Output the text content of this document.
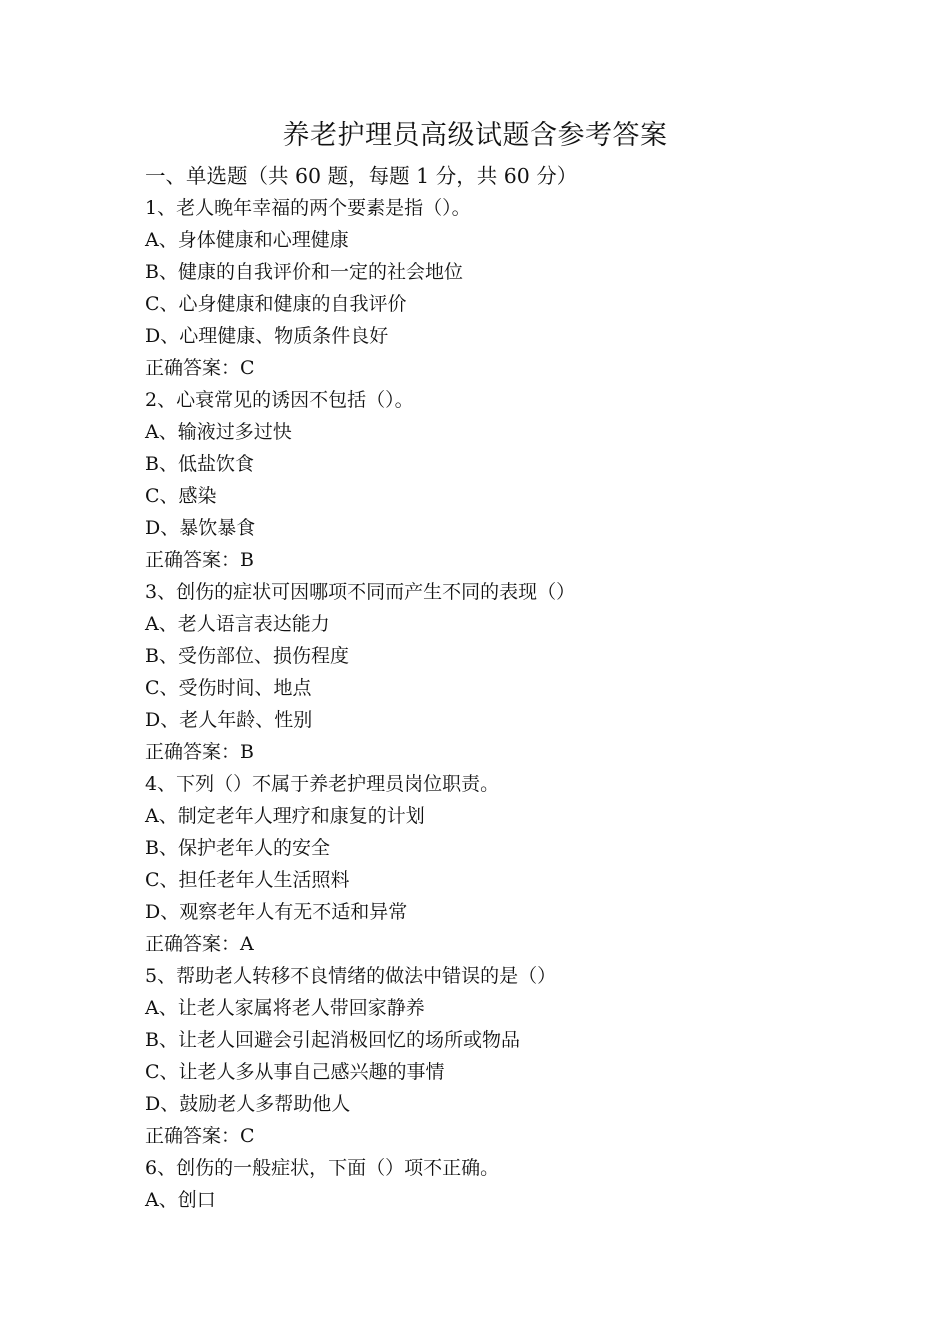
养老护理员高级试题含参考答案
一、单选题（共 60 题，每题 1 分，共 60 分）
1、老人晚年幸福的两个要素是指（）。
A、身体健康和心理健康
B、健康的自我评价和一定的社会地位
C、心身健康和健康的自我评价
D、心理健康、物质条件良好
正确答案：C
2、心衰常见的诱因不包括（）。
A、输液过多过快
B、低盐饮食
C、感染
D、暴饮暴食
正确答案：B
3、创伤的症状可因哪项不同而产生不同的表现（）
A、老人语言表达能力
B、受伤部位、损伤程度
C、受伤时间、地点
D、老人年龄、性别
正确答案：B
4、下列（）不属于养老护理员岗位职责。
A、制定老年人理疗和康复的计划
B、保护老年人的安全
C、担任老年人生活照料
D、观察老年人有无不适和异常
正确答案：A
5、帮助老人转移不良情绪的做法中错误的是（）
A、让老人家属将老人带回家静养
B、让老人回避会引起消极回忆的场所或物品
C、让老人多从事自己感兴趣的事情
D、鼓励老人多帮助他人
正确答案：C
6、创伤的一般症状，下面（）项不正确。
A、创口
